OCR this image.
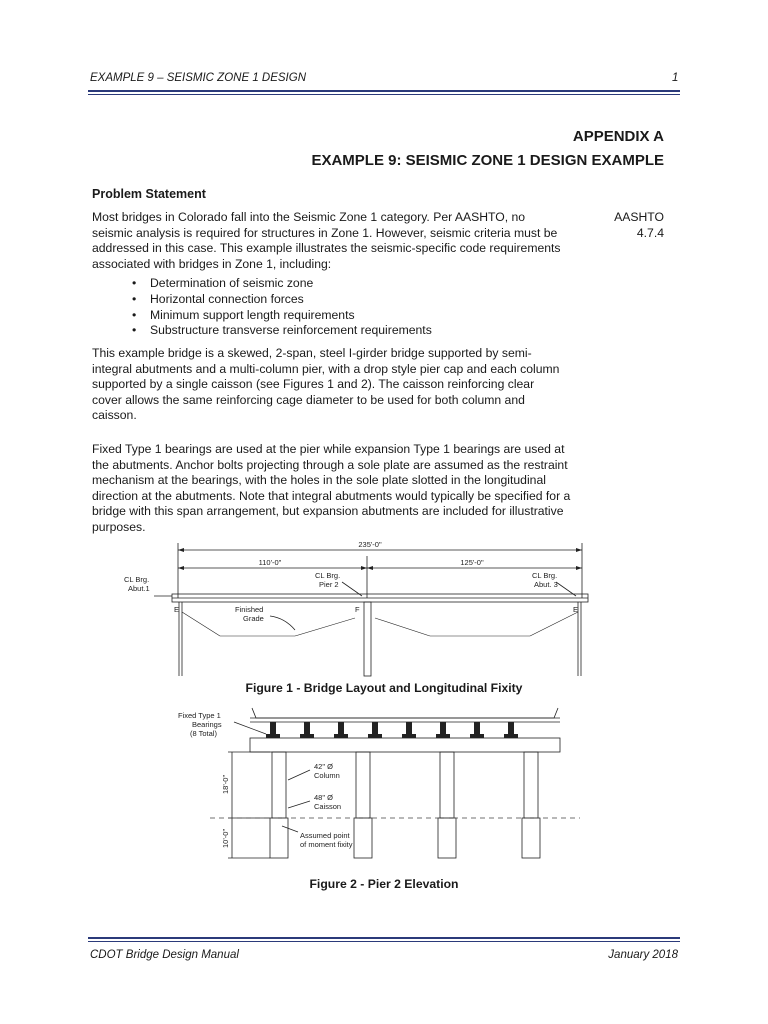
EXAMPLE 9 – SEISMIC ZONE 1 DESIGN	1
APPENDIX A
EXAMPLE 9: SEISMIC ZONE 1 DESIGN EXAMPLE
Problem Statement
Most bridges in Colorado fall into the Seismic Zone 1 category. Per AASHTO, no
seismic analysis is required for structures in Zone 1. However, seismic criteria must be
addressed in this case. This example illustrates the seismic-specific code requirements
associated with bridges in Zone 1, including:
AASHTO
4.7.4
• Determination of seismic zone
• Horizontal connection forces
• Minimum support length requirements
• Substructure transverse reinforcement requirements
This example bridge is a skewed, 2-span, steel I-girder bridge supported by semi-
integral abutments and a multi-column pier, with a drop style pier cap and each column
supported by a single caisson (see Figures 1 and 2). The caisson reinforcing clear
cover allows the same reinforcing cage diameter to be used for both column and
caisson.
Fixed Type 1 bearings are used at the pier while expansion Type 1 bearings are used at
the abutments. Anchor bolts projecting through a sole plate are assumed as the restraint
mechanism at the bearings, with the holes in the sole plate slotted in the longitudinal
direction at the abutments. Note that integral abutments would typically be specified for a
bridge with this span arrangement, but expansion abutments are included for illustrative
purposes.
235'-0"
110'-0"	125'-0"
CL Brg.
Abut.1
CL Brg.
Pier 2
CL Brg.
Abut. 3
Finished
Grade
E	F	E
Figure 1 - Bridge Layout and Longitudinal Fixity
Fixed Type 1
Bearings
(8 Total)
42" Ø
Column
48" Ø
Caisson
Assumed point
of moment fixity
18'-0"
10'-0"
Figure 2 - Pier 2 Elevation
CDOT Bridge Design Manual	January 2018
